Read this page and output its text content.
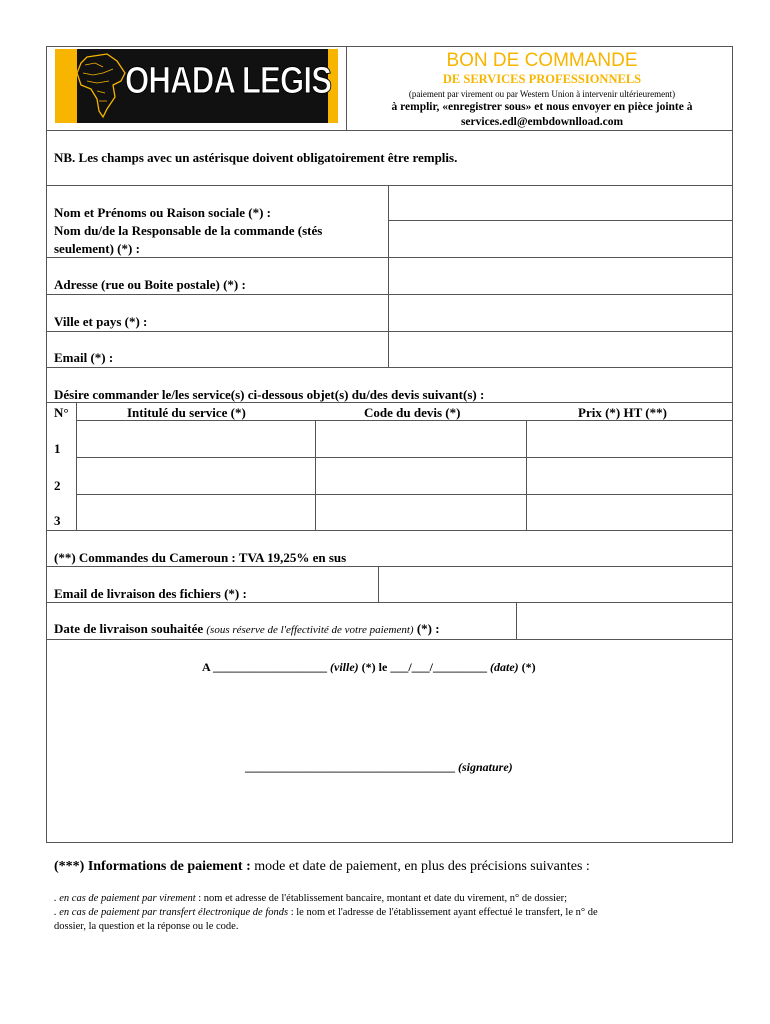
OHADA LEGIS	BON DE COMMANDE
DE SERVICES PROFESSIONNELS
(paiement par virement ou par Western Union à intervenir ultérieurement)
à remplir, «enregistrer sous» et nous envoyer en pièce jointe à
services.edl@embdownlload.com
NB. Les champs avec un astérisque doivent obligatoirement être remplis.
Nom et Prénoms ou Raison sociale (*) :
Nom du/de la Responsable de la commande (stés
seulement) (*) :
Adresse (rue ou Boite postale) (*) :
Ville et pays (*) :
Email (*) :
Désire commander le/les service(s) ci-dessous objet(s) du/des devis suivant(s) :
N°	Intitulé du service (*)	Code du devis (*)	Prix (*) HT (**)
1
2
3
(**) Commandes du Cameroun : TVA 19,25% en sus
Email de livraison des fichiers (*) :
Date de livraison souhaitée (sous réserve de l'effectivité de votre paiement) (*) :
A ___________________ (ville) (*) le ___/___/_________ (date) (*)
___________________________________ (signature)
(***) Informations de paiement : mode et date de paiement, en plus des précisions suivantes :
. en cas de paiement par virement : nom et adresse de l'établissement bancaire, montant et date du virement, n° de dossier;
. en cas de paiement par transfert électronique de fonds : le nom et l'adresse de l'établissement ayant effectué le transfert, le n° de
dossier, la question et la réponse ou le code.
